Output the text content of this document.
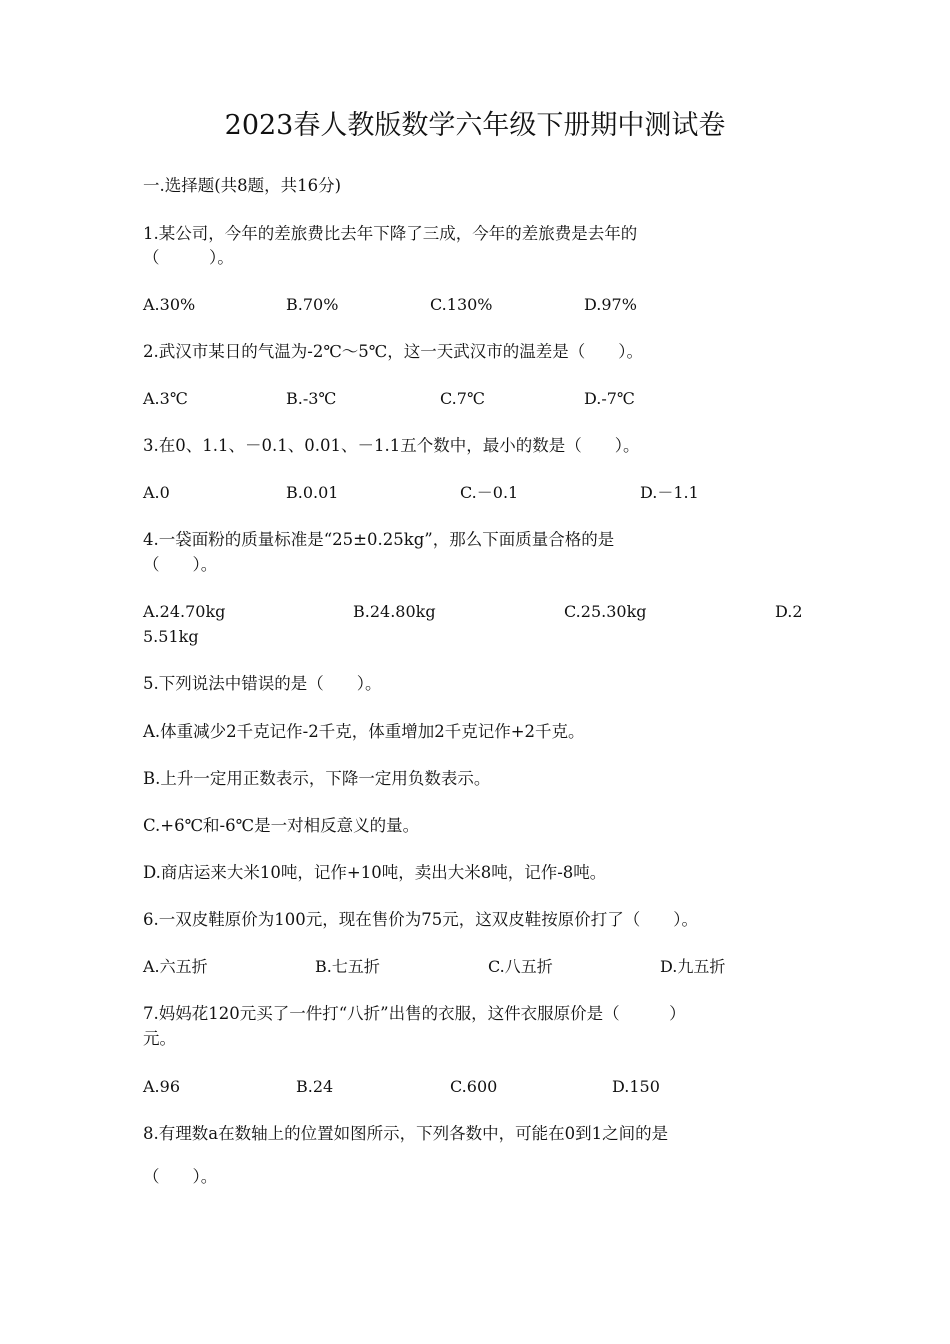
2023春人教版数学六年级下册期中测试卷
一.选择题(共8题，共16分)
1.某公司，今年的差旅费比去年下降了三成，今年的差旅费是去年的
（　　　）。
A.30%	B.70%	C.130%	D.97%
2.武汉市某日的气温为-2℃～5℃，这一天武汉市的温差是（　　）。
A.3℃	B.-3℃	C.7℃	D.-7℃
3.在0、1.1、－0.1、0.01、－1.1五个数中，最小的数是（　　）。
A.0	B.0.01	C.－0.1	D.－1.1
4.一袋面粉的质量标准是“25±0.25kg”，那么下面质量合格的是
（　　）。
A.24.70kg	B.24.80kg	C.25.30kg	D.2
5.51kg
5.下列说法中错误的是（　　）。
A.体重减少2千克记作-2千克，体重增加2千克记作+2千克。
B.上升一定用正数表示，下降一定用负数表示。
C.+6℃和-6℃是一对相反意义的量。
D.商店运来大米10吨，记作+10吨，卖出大米8吨，记作-8吨。
6.一双皮鞋原价为100元，现在售价为75元，这双皮鞋按原价打了（　　）。
A.六五折	B.七五折	C.八五折	D.九五折
7.妈妈花120元买了一件打“八折”出售的衣服，这件衣服原价是（　　　）
元。
A.96	B.24	C.600	D.150
8.有理数a在数轴上的位置如图所示，下列各数中，可能在0到1之间的是
（　　）。
